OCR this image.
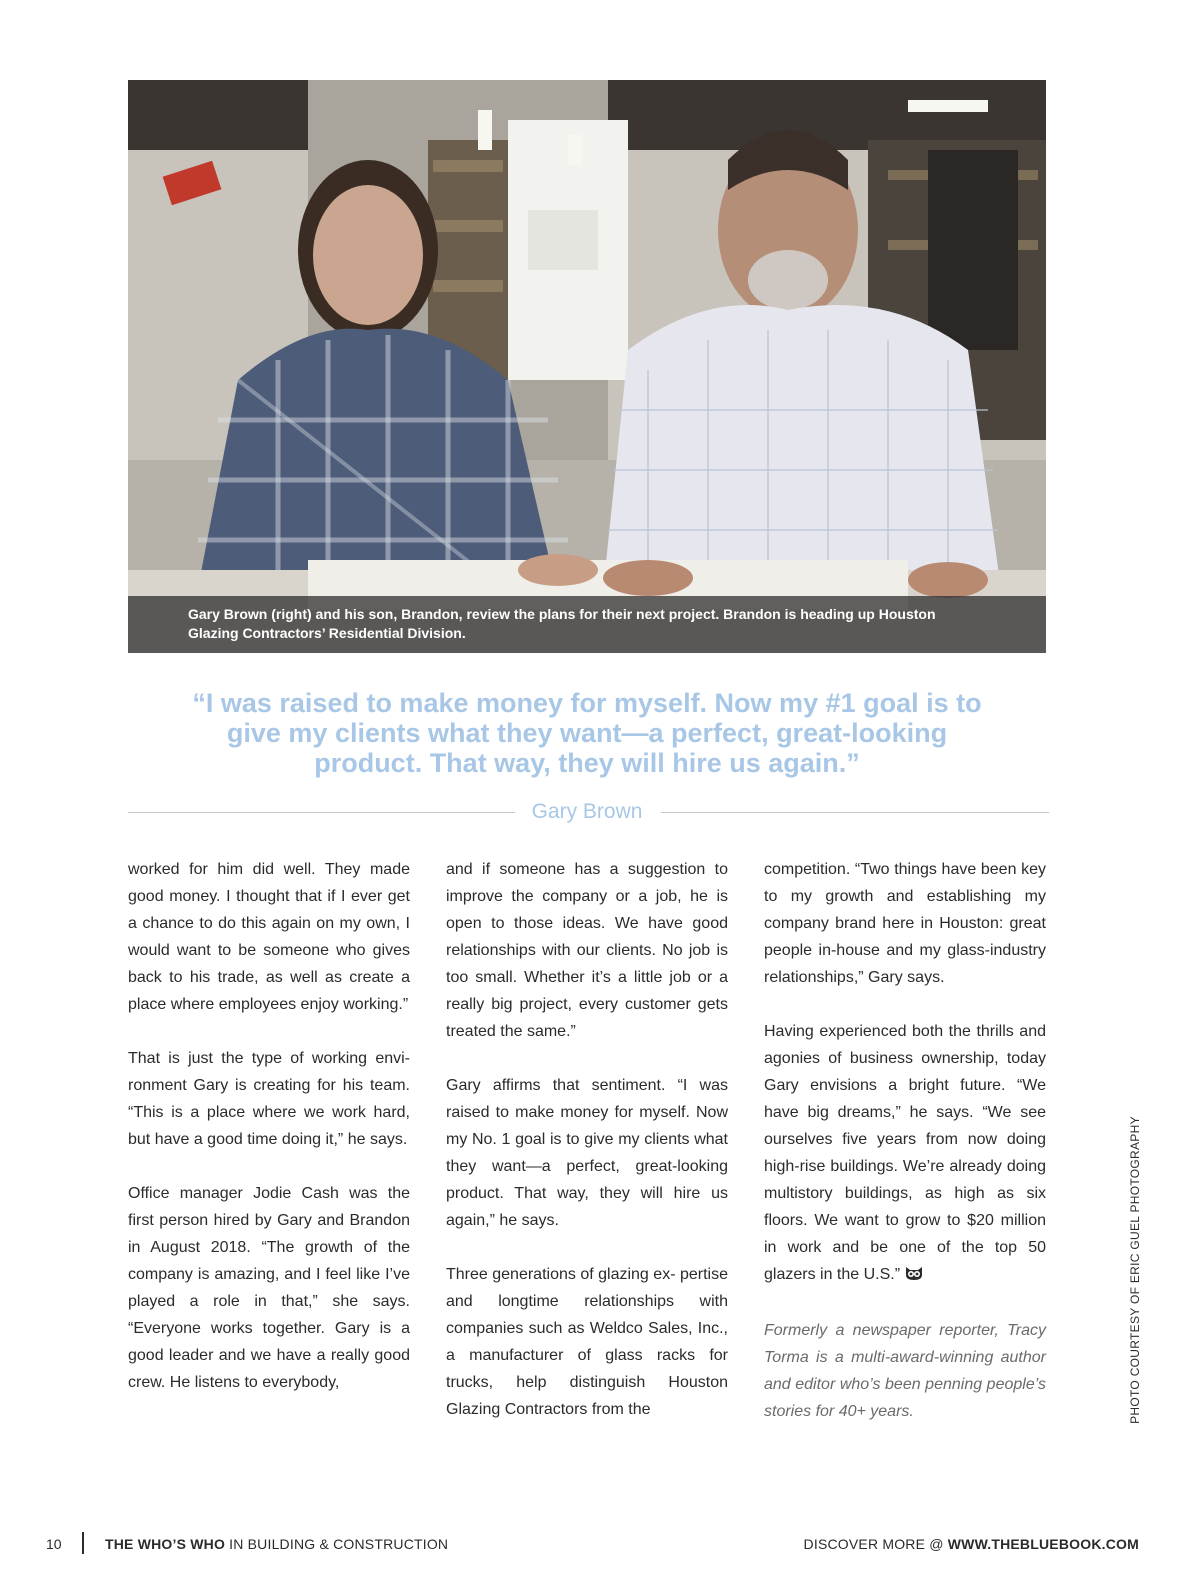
Gary Brown (right) and his son, Brandon, review the plans for their next project. Brandon is heading up Houston Glazing Contractors’ Residential Division.
“I was raised to make money for myself. Now my #1 goal is to give my clients what they want—a perfect, great-looking product. That way, they will hire us again.”
Gary Brown

worked for him did well. They made good money. I thought that if I ever get a chance to do this again on my own, I would want to be someone who gives back to his trade, as well as create a place where employees enjoy working.”

That is just the type of working envi- ronment Gary is creating for his team. “This is a place where we work hard, but have a good time doing it,” he says.

Office manager Jodie Cash was the first person hired by Gary and Brandon in August 2018. “The growth of the company is amazing, and I feel like I’ve played a role in that,” she says. “Everyone works together. Gary is a good leader and we have a really good crew. He listens to everybody,

and if someone has a suggestion to improve the company or a job, he is open to those ideas. We have good relationships with our clients. No job is too small. Whether it’s a little job or a really big project, every customer gets treated the same.”

Gary affirms that sentiment. “I was raised to make money for myself. Now my No. 1 goal is to give my clients what they want—a perfect, great-looking product. That way, they will hire us again,” he says.

Three generations of glazing ex- pertise and longtime relationships with companies such as Weldco Sales, Inc., a manufacturer of glass racks for trucks, help distinguish Houston Glazing Contractors from the

competition. “Two things have been key to my growth and establishing my company brand here in Houston: great people in-house and my glass-industry relationships,” Gary says.

Having experienced both the thrills and agonies of business ownership, today Gary envisions a bright future. “We have big dreams,” he says. “We see ourselves five years from now doing high-rise buildings. We’re already doing multistory buildings, as high as six floors. We want to grow to $20 million in work and be one of the top 50 glazers in the U.S.”

Formerly a newspaper reporter, Tracy Torma is a multi-award-winning author and editor who’s been penning people’s stories for 40+ years.	PHOTO COURTESY OF ERIC GUEL PHOTOGRAPHY
10	THE WHO’S WHO IN BUILDING & CONSTRUCTION	DISCOVER MORE @ WWW.THEBLUEBOOK.COM
